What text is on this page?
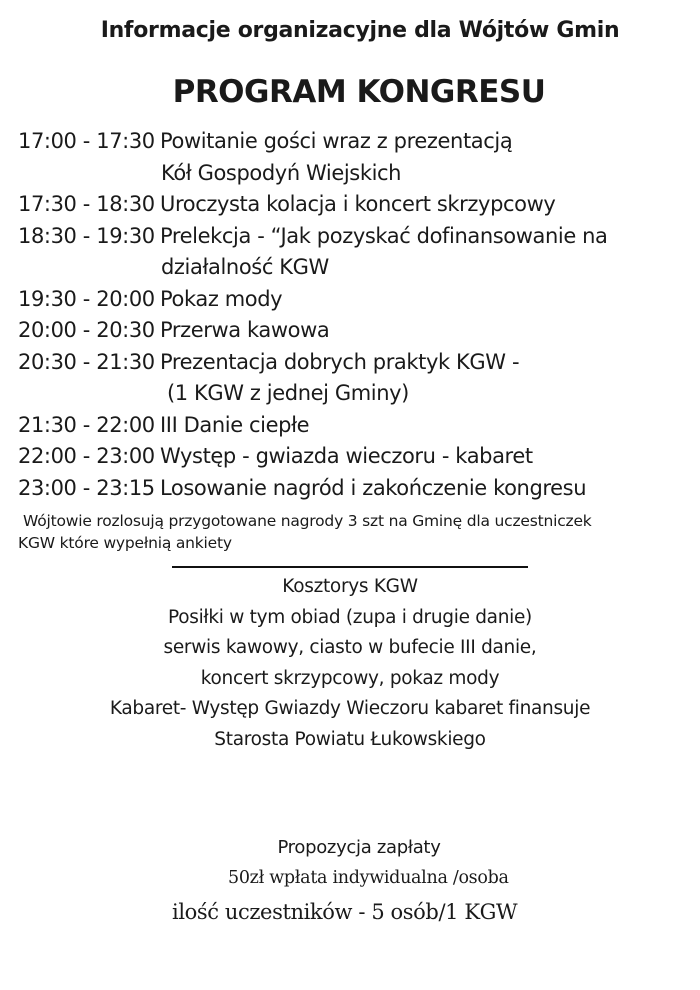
Informacje organizacyjne dla Wójtów Gmin
PROGRAM KONGRESU
17:00 - 17:30 Powitanie gości wraz z prezentacją
Kół Gospodyń Wiejskich
17:30 - 18:30 Uroczysta kolacja i koncert skrzypcowy
18:30 - 19:30 Prelekcja - “Jak pozyskać dofinansowanie na
działalność KGW
19:30 - 20:00 Pokaz mody
20:00 - 20:30 Przerwa kawowa
20:30 - 21:30 Prezentacja dobrych praktyk KGW -
(1 KGW z jednej Gminy)
21:30 - 22:00 III Danie ciepłe
22:00 - 23:00 Występ - gwiazda wieczoru - kabaret
23:00 - 23:15 Losowanie nagród i zakończenie kongresu
Wójtowie rozlosują przygotowane nagrody 3 szt na Gminę dla uczestniczek
KGW które wypełnią ankiety
Kosztorys KGW
Posiłki w tym obiad (zupa i drugie danie)
serwis kawowy, ciasto w bufecie III danie,
koncert skrzypcowy, pokaz mody
Kabaret- Występ Gwiazdy Wieczoru kabaret finansuje
Starosta Powiatu Łukowskiego
Propozycja zapłaty
50zł wpłata indywidualna /osoba
ilość uczestników - 5 osób/1 KGW
